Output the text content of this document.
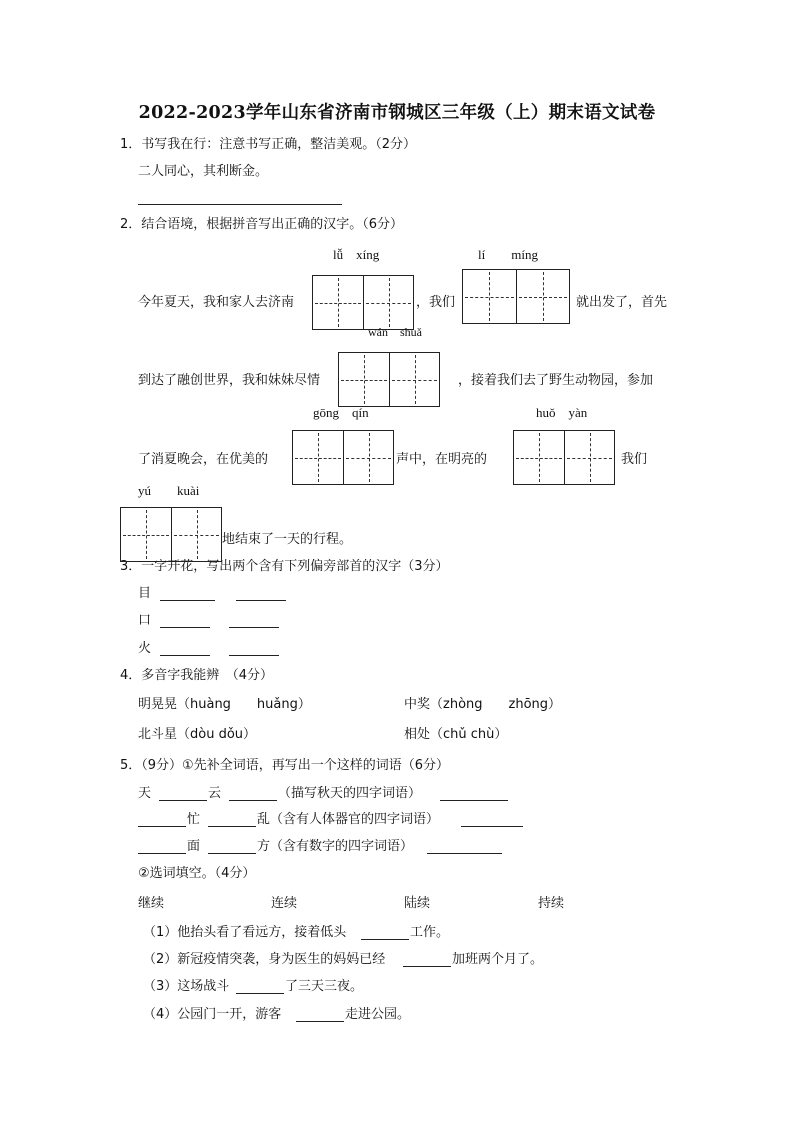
2022-2023学年山东省济南市钢城区三年级（上）期末语文试卷
1．书写我在行：注意书写正确，整洁美观。（2分）
二人同心，其利断金。
2．结合语境，根据拼音写出正确的汉字。（6分）
lǚ　xíng	lí　　míng
今年夏天，我和家人去济南	，我们	就出发了，首先
wán　shuǎ
到达了融创世界，我和妹妹尽情	，接着我们去了野生动物园，参加
gōng　qín	huǒ　yàn
了消夏晚会，在优美的	声中，在明亮的	我们
yú　　kuài
地结束了一天的行程。
3．一字开花，写出两个含有下列偏旁部首的汉字（3分）
目
口
火
4．多音字我能辨　（4分）
明晃晃（huàng　　huǎng）	中奖（zhòng　　zhōng）
北斗星（dòu dǒu）	相处（chǔ chù）
5．（9分）①先补全词语，再写出一个这样的词语（6分）
天	云	（描写秋天的四字词语）
忙	乱（含有人体器官的四字词语）
面	方（含有数字的四字词语）
②选词填空。（4分）
继续	连续	陆续	持续
（1）他抬头看了看远方，接着低头	工作。
（2）新冠疫情突袭，身为医生的妈妈已经	加班两个月了。
（3）这场战斗	了三天三夜。
（4）公园门一开，游客	走进公园。
